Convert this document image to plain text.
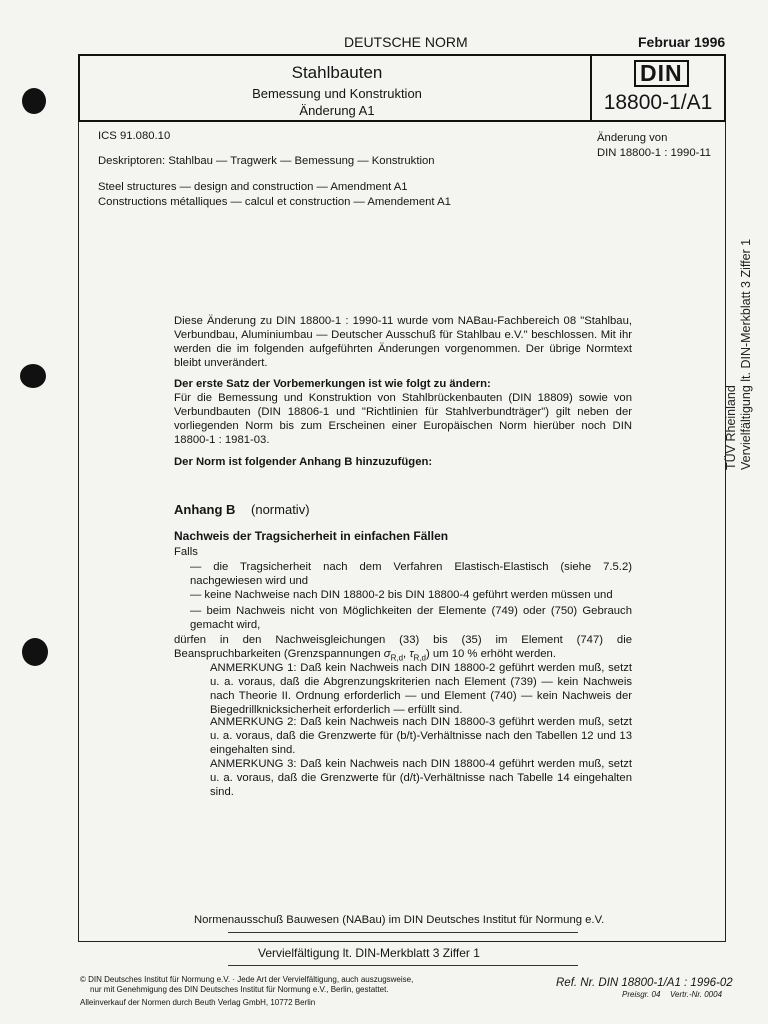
DEUTSCHE NORM	Februar 1996
Stahlbauten
Bemessung und Konstruktion
Änderung A1
DIN
18800-1/A1
ICS 91.080.10	Änderung von
DIN 18800-1 : 1990-11
Deskriptoren: Stahlbau — Tragwerk — Bemessung — Konstruktion
Steel structures — design and construction — Amendment A1
Constructions métalliques — calcul et construction — Amendement A1
Diese Änderung zu DIN 18800-1 : 1990-11 wurde vom NABau-Fachbereich 08 "Stahlbau, Verbundbau, Aluminiumbau — Deutscher Ausschuß für Stahlbau e.V." beschlossen. Mit ihr werden die im folgenden aufgeführten Änderungen vorgenommen. Der übrige Normtext bleibt unverändert.
Der erste Satz der Vorbemerkungen ist wie folgt zu ändern:
Für die Bemessung und Konstruktion von Stahlbrückenbauten (DIN 18809) sowie von Verbundbauten (DIN 18806-1 und "Richtlinien für Stahlverbundträger") gilt neben der vorliegenden Norm bis zum Erscheinen einer Europäischen Norm hierüber noch DIN 18800-1 : 1981-03.
Der Norm ist folgender Anhang B hinzuzufügen:
Anhang B (normativ)
Nachweis der Tragsicherheit in einfachen Fällen
Falls
— die Tragsicherheit nach dem Verfahren Elastisch-Elastisch (siehe 7.5.2) nachgewiesen wird und
— keine Nachweise nach DIN 18800-2 bis DIN 18800-4 geführt werden müssen und
— beim Nachweis nicht von Möglichkeiten der Elemente (749) oder (750) Gebrauch gemacht wird,
dürfen in den Nachweisgleichungen (33) bis (35) im Element (747) die Beanspruchbarkeiten (Grenzspannungen $\sigma_{R,d}$, $\tau_{R,d}$) um 10 % erhöht werden.
ANMERKUNG 1: Daß kein Nachweis nach DIN 18800-2 geführt werden muß, setzt u. a. voraus, daß die Abgrenzungskriterien nach Element (739) — kein Nachweis nach Theorie II. Ordnung erforderlich — und Element (740) — kein Nachweis der Biegedrillknicksicherheit erforderlich — erfüllt sind.
ANMERKUNG 2: Daß kein Nachweis nach DIN 18800-3 geführt werden muß, setzt u. a. voraus, daß die Grenzwerte für (b/t)-Verhältnisse nach den Tabellen 12 und 13 eingehalten sind.
ANMERKUNG 3: Daß kein Nachweis nach DIN 18800-4 geführt werden muß, setzt u. a. voraus, daß die Grenzwerte für (d/t)-Verhältnisse nach Tabelle 14 eingehalten sind.
TÜV Rheinland Vervielfältigung lt. DIN-Merkblatt 3 Ziffer 1
Normenausschuß Bauwesen (NABau) im DIN Deutsches Institut für Normung e.V.
Vervielfältigung lt. DIN-Merkblatt 3 Ziffer 1
© DIN Deutsches Institut für Normung e.V. · Jede Art der Vervielfältigung, auch auszugsweise,
nur mit Genehmigung des DIN Deutsches Institut für Normung e.V., Berlin, gestattet.
Alleinverkauf der Normen durch Beuth Verlag GmbH, 10772 Berlin
Ref. Nr. DIN 18800-1/A1 : 1996-02
Preisgr. 04 Vertr.-Nr. 0004
